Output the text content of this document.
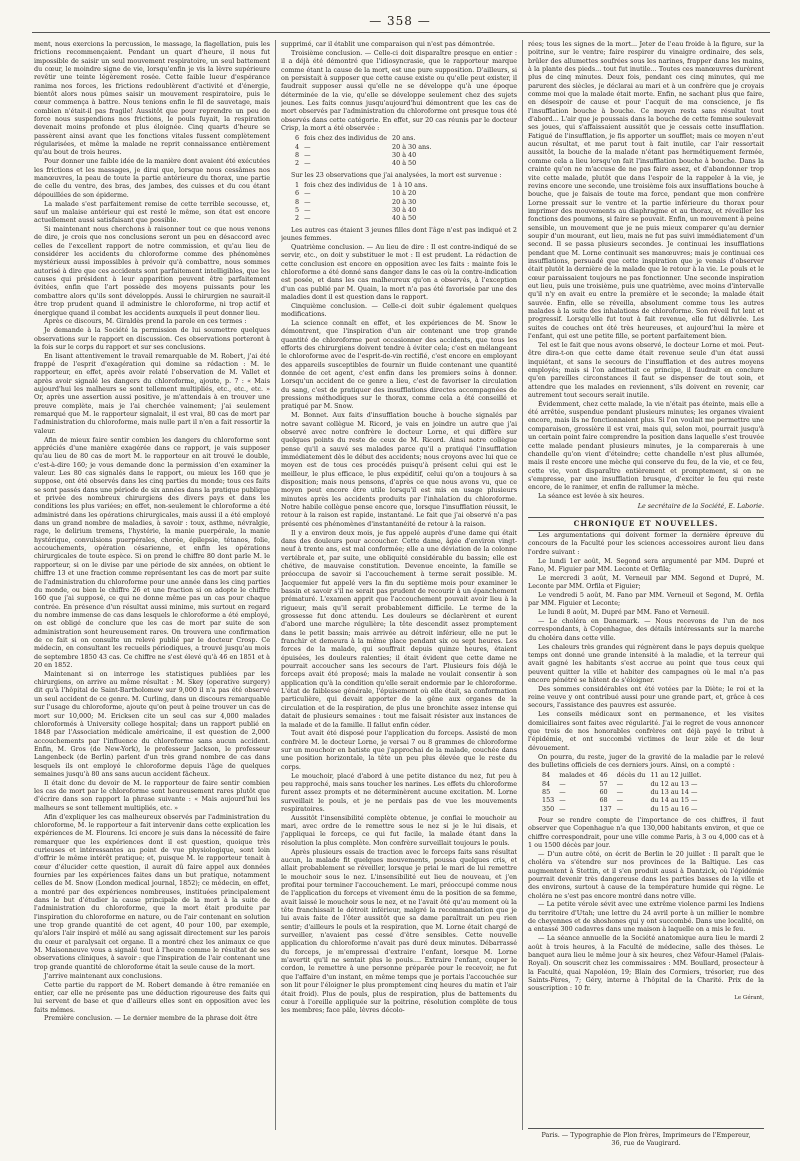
— 358 —

ment, nous exercions la percussion, le massage, la flagellation, puis les frictions recommençaient. Pendant un quart d'heure, il nous fut impossible de saisir un seul mouvement respiratoire, un seul battement du cœur, le moindre signe de vie, lorsqu'enfin je vis la lèvre supérieure revêtir une teinte légèrement rosée. Cette faible lueur d'espérance ranima nos forces, les frictions redoublèrent d'activité et d'énergie, bientôt alors nous pûmes saisir un mouvement respiratoire, puis le cœur commença à battre. Nous tenions enfin le fil de sauvetage, mais combien n'était-il pas fragile! Aussitôt que pour reprendre un peu de force nous suspendions nos frictions, le pouls fuyait, la respiration devenait moins profonde et plus éloignée. Cinq quarts d'heure se passèrent ainsi avant que les fonctions vitales fussent complètement régularisées, et même la malade ne reprit connaissance entièrement qu'au bout de trois heures.

Pour donner une faible idée de la manière dont avaient été exécutées les frictions et les massages, je dirai que, lorsque nous cessâmes nos manœuvres, la peau de toute la partie antérieure du thorax, une partie de celle du ventre, des bras, des jambes, des cuisses et du cou étant dépouillées de son épiderme.

La malade s'est parfaitement remise de cette terrible secousse, et, sauf un malaise antérieur qui est resté le même, son état est encore actuellement aussi satisfaisant que possible.

Si maintenant nous cherchons à raisonner tout ce que nous venons de dire, je crois que nos conclusions seront un peu en désaccord avec celles de l'excellent rapport de notre commission, et qu'au lieu de considérer les accidents du chloroforme comme des phénomènes mystérieux aussi impossibles à prévoir qu'à combattre, nous sommes autorisé à dire que ces accidents sont parfaitement intelligibles, que les causes qui président à leur apparition peuvent être parfaitement évitées, enfin que l'art possède des moyens puissants pour les combattre alors qu'ils sont développés. Aussi le chirurgien ne saurait-il être trop prudent quand il administre le chloroforme, ni trop actif et énergique quand il combat les accidents auxquels il peut donner lieu.

Après ce discours, M. Giraldès prend la parole en ces termes :

Je demande à la Société la permission de lui soumettre quelques observations sur le rapport en discussion. Ces observations porteront à la fois sur le corps du rapport et sur ses conclusions.

En lisant attentivement le travail remarquable de M. Robert, j'ai été frappé de l'esprit d'exagération qui domine sa rédaction : M. le rapporteur, en effet, après avoir relaté l'observation de M. Vallet et après avoir signalé les dangers du chloroforme, ajoute, p. 7 : « Mais aujourd'hui les malheurs se sont tellement multipliés, etc., etc., etc. » Or, après une assertion aussi positive, je m'attendais à en trouver une preuve complète, mais je l'ai cherchée vainement; j'ai seulement remarqué que M. le rapporteur signalait, il est vrai, 80 cas de mort par l'administration du chloroforme, mais nulle part il n'en a fait ressortir la valeur.

Afin de mieux faire sentir combien les dangers du chloroforme sont appréciés d'une manière exagérée dans ce rapport, je vais supposer qu'au lieu de 80 cas de mort M. le rapporteur en ait trouvé le double, c'est-à-dire 160; je vous demande donc la permission d'en examiner la valeur. Les 80 cas signalés dans le rapport, ou mieux les 160 que je suppose, ont été observés dans les cinq parties du monde; tous ces faits se sont passés dans une période de six années dans la pratique publique et privée des nombreux chirurgiens des divers pays et dans les conditions les plus variées; en effet, non-seulement le chloroforme a été administré dans les opérations chirurgicales, mais aussi il a été employé dans un grand nombre de maladies, à savoir : toux, asthme, névralgie, rage, le delirium tremens, l'hystérie, la manie puerpérale, la manie hystérique, convulsions puerpérales, chorée, épilepsie, tétanos, folie, accouchements, opération césarienne, et enfin les opérations chirurgicales de toute espèce. Si on prend le chiffre 80 dont parle M. le rapporteur, si on le divise par une période de six années, on obtient le chiffre 13 et une fraction comme représentant les cas de mort par suite de l'administration du chloroforme pour une année dans les cinq parties du monde, ou bien le chiffre 26 et une fraction si on adopte le chiffre 160 que j'ai supposé, ce qui ne donne même pas un cas pour chaque contrée. En présence d'un résultat aussi minime, mis surtout en regard du nombre immense de cas dans lesquels le chloroforme a été employé, on est obligé de conclure que les cas de mort par suite de son administration sont heureusement rares. On trouvera une confirmation de ce fait si on consulte un relevé publié par le docteur Crosp. Ce médecin, en consultant les recueils périodiques, a trouvé jusqu'au mois de septembre 1850 43 cas. Ce chiffre ne s'est élevé qu'à 46 en 1851 et à 20 en 1852.

Maintenant si on interroge les statistiques publiées par les chirurgiens, on arrive au même résultat : M. Skey (operative surgery) dit qu'à l'hôpital de Saint-Bartholomew sur 9,000 il n'a pas été observé un seul accident de ce genre. M. Curling, dans un discours remarquable sur l'usage du chloroforme, ajoute qu'on peut à peine trouver un cas de mort sur 10,000; M. Ericksen cite un seul cas sur 4,000 malades chloroformés à University college hospital; dans un rapport publié en 1848 par l'Association médicale américaine, il est question de 2,000 accouchements par l'influence du chloroforme sans aucun accident. Enfin, M. Gros (de New-York), le professeur Jackson, le professeur Langenbeck (de Berlin) parlent d'un très grand nombre de cas dans lesquels ils ont employé le chloroforme depuis l'âge de quelques semaines jusqu'à 80 ans sans aucun accident fâcheux.

Il était donc du devoir de M. le rapporteur de faire sentir combien les cas de mort par le chloroforme sont heureusement rares plutôt que d'écrire dans son rapport la phrase suivante : « Mais aujourd'hui les malheurs se sont tellement multipliés, etc. »

Afin d'expliquer les cas malheureux observés par l'administration du chloroforme, M. le rapporteur a fait intervenir dans cette explication les expériences de M. Flourens. Ici encore je suis dans la nécessité de faire remarquer que les expériences dont il est question, quoique très curieuses et intéressantes au point de vue physiologique, sont loin d'offrir le même intérêt pratique; et, puisque M. le rapporteur tenait à cœur d'élucider cette question, il aurait dû faire appel aux données fournies par les expériences faites dans un but pratique, notamment celles de M. Snow (London medical journal, 1852); ce médecin, en effet, a montré par des expériences nombreuses, instituées principalement dans le but d'étudier la cause principale de la mort à la suite de l'administration du chloroforme, que la mort était produite par l'inspiration du chloroforme en nature, ou de l'air contenant en solution une trop grande quantité de cet agent, 40 pour 100, par exemple, qu'alors l'air inspiré et mêlé au sang agissait directement sur les parois du cœur et paralysait cet organe. Il a montré chez les animaux ce que M. Maisonneuve vous a signalé tout à l'heure comme le résultat de ses observations cliniques, à savoir : que l'inspiration de l'air contenant une trop grande quantité de chloroforme était la seule cause de la mort.

J'arrive maintenant aux conclusions.

Cette partie du rapport de M. Robert demande à être remaniée en entier, car elle ne présente pas une déduction rigoureuse des faits qui lui servent de base et que d'ailleurs elles sont en opposition avec les faits mêmes.

Première conclusion. — Le dernier membre de la phrase doit être

supprimé, car il établit une comparaison qui n'est pas démontrée.

Troisième conclusion. — Celle-ci doit disparaître presque en entier : il a déjà été démontré que l'idiosyncrasie, que le rapporteur marque comme étant la cause de la mort, est une pure supposition. D'ailleurs, si on persistait à supposer que cette cause existe ou qu'elle peut exister, il faudrait supposer aussi qu'elle ne se développe qu'à une époque déterminée de la vie, qu'elle se développe seulement chez des sujets jeunes. Les faits connus jusqu'aujourd'hui démontrent que les cas de mort observés par l'administration du chloroforme ont presque tous été observés dans cette catégorie. En effet, sur 20 cas réunis par le docteur Crisp, la mort a été observée :

6	fois chez des individus de	20 ans.
4	—	20 à 30 ans.
8	—	30 à 40
2	—	40 à 50

Sur les 23 observations que j'ai analysées, la mort est survenue :

1	fois chez des individus de	1 à 10 ans.
6	—	10 à 20
8	—	20 à 30
5	—	30 à 40
2	—	40 à 50

Les autres cas étaient 3 jeunes filles dont l'âge n'est pas indiqué et 2 jeunes femmes.

Quatrième conclusion. — Au lieu de dire : Il est contre-indiqué de se servir, etc., on doit y substituer le mot : Il est prudent. La rédaction de cette conclusion est encore en opposition avec les faits : mainte fois le chloroforme a été donné sans danger dans le cas où la contre-indication est posée, et dans les cas malheureux qu'on a observés, à l'exception d'un cas publié par M. Quain, la mort n'a pas été favorisée par une des maladies dont il est question dans le rapport.

Cinquième conclusion. — Celle-ci doit subir également quelques modifications.

La science connaît en effet, et les expériences de M. Snow le démontrent, que l'inspiration d'un air contenant une trop grande quantité de chloroforme peut occasionner des accidents, que tous les efforts des chirurgiens doivent tendre à éviter cela; c'est en mélangeant le chloroforme avec de l'esprit-de-vin rectifié, c'est encore en employant des appareils susceptibles de fournir un fluide contenant une quantité donnée de cet agent, c'est enfin dans les premiers soins à donner. Lorsqu'un accident de ce genre a lieu, c'est de favoriser la circulation du sang, c'est de pratiquer des insufflations directes accompagnées de pressions méthodiques sur le thorax, comme cela a été conseillé et pratiqué par M. Snow.

M. Bonnet. Aux faits d'insufflation bouche à bouche signalés par notre savant collègue M. Ricord, je vais en joindre un autre que j'ai observé avec notre confrère le docteur Lorne, et qui diffère sur quelques points du reste de ceux de M. Ricord. Ainsi notre collègue pense qu'il a sauvé ses malades parce qu'il a pratiqué l'insufflation immédiatement dès le début des accidents; nous croyons avec lui que ce moyen est de tous ces procédés puisqu'à présent celui qui est le meilleur, le plus efficace, le plus expéditif, celui qu'on a toujours à sa disposition; mais nous pensons, d'après ce que nous avons vu, que ce moyen peut encore être utile lorsqu'il est mis en usage plusieurs minutes après les accidents produits par l'inhalation du chloroforme. Notre habile collègue pense encore que, lorsque l'insufflation réussit, le retour à la raison est rapide, instantané. Le fait que j'ai observé n'a pas présenté ces phénomènes d'instantanéité de retour à la raison.

Il y a environ deux mois, je fus appelé auprès d'une dame qui était dans des douleurs pour accoucher. Cette dame, âgée d'environ vingt-neuf à trente ans, est mal conformée; elle a une déviation de la colonne vertébrale et, par suite, une obliquité considérable du bassin; elle est chétive, de mauvaise constitution. Devenue enceinte, la famille se préoccupa de savoir si l'accouchement à terme serait possible. M. Jacquemier fut appelé vers la fin du septième mois pour examiner le bassin et savoir s'il ne serait pas prudent de recourir à un épanchement prématuré. L'examen apprit que l'accouchement pouvait avoir lieu à la rigueur, mais qu'il serait probablement difficile. Le terme de la grossesse fut donc attendu. Les douleurs se déclarèrent et eurent d'abord une marche régulière; la tête descendit assez promptement dans le petit bassin; mais arrivée au détroit inférieur, elle ne put le franchir et demeura à la même place pendant six ou sept heures. Les forces de la malade, qui souffrait depuis quinze heures, étaient épuisées, les douleurs ralenties; il était évident que cette dame ne pourrait accoucher sans les secours de l'art. Plusieurs fois déjà le forceps avait été proposé; mais la malade ne voulait consentir à son application qu'à la condition qu'elle serait endormie par le chloroforme. L'état de faiblesse générale, l'épuisement où elle était, sa conformation particulière, qui devait apporter de la gêne aux organes de la circulation et de la respiration, de plus une bronchite assez intense qui datait de plusieurs semaines : tout me faisait résister aux instances de la malade et de la famille. Il fallut enfin céder.

Tout avait été disposé pour l'application du forceps. Assisté de mon confrère M. le docteur Lorne, je versai 7 ou 8 grammes de chloroforme sur un mouchoir en batiste que j'approchai de la malade, couchée dans une position horizontale, la tête un peu plus élevée que le reste du corps.

Le mouchoir, placé d'abord à une petite distance du nez, fut peu à peu rapproché, mais sans toucher les narines. Les effets du chloroforme furent assez prompts et ne déterminèrent aucune excitation. M. Lorne surveillait le pouls, et je ne perdais pas de vue les mouvements respiratoires.

Aussitôt l'insensibilité complète obtenue, je confiai le mouchoir au mari, avec ordre de le remettre sous le nez si je le lui disais, et j'appliquai le forceps, ce qui fut facile, la malade étant dans la résolution la plus complète. Mon confrère surveillait toujours le pouls.

Après plusieurs essais de traction avec le forceps faits sans résultat aucun, la malade fit quelques mouvements, poussa quelques cris, et allait probablement se réveiller, lorsque je priai le mari de lui remettre le mouchoir sous le nez. L'insensibilité eut lieu de nouveau, et j'en profitai pour terminer l'accouchement. Le mari, préoccupé comme nous de l'application du forceps et vivement ému de la position de sa femme, avait laissé le mouchoir sous le nez, et ne l'avait ôté qu'au moment où la tête franchissait le détroit inférieur, malgré la recommandation que je lui avais faite de l'ôter aussitôt que sa dame paraîtrait un peu rien sentir; d'ailleurs le pouls et la respiration, que M. Lorne était chargé de surveiller, n'avaient pas cessé d'être sensibles. Cette nouvelle application du chloroforme n'avait pas duré deux minutes. Débarrassé du forceps, je m'empressai d'extraire l'enfant, lorsque M. Lorne m'avertit qu'il ne sentait plus le pouls.... Extraire l'enfant, couper le cordon, le remettre à une personne préparée pour le recevoir, ne fut que l'affaire d'un instant, en même temps que je portais l'accouchée sur son lit pour l'éloigner le plus promptement cinq heures du matin et l'air était froid). Plus de pouls, plus de respiration, plus de battements du cœur à l'oreille appliquée sur la poitrine, résolution complète de tous les membres; face pâle, lèvres décolo-

rées; tous les signes de la mort... Jeter de l'eau froide à la figure, sur la poitrine, sur le ventre; faire respirer du vinaigre ordinaire, des sels, brûler des allumettes soufrées sous les narines, frapper dans les mains, à la plante des pieds... tout fut inutile... Toutes ces manœuvres durèrent plus de cinq minutes. Deux fois, pendant ces cinq minutes, qui me parurent des siècles, je déclarai au mari et à un confrère que je croyais comme moi que la malade était morte. Enfin, ne sachant plus que faire, en désespoir de cause et pour l'acquit de ma conscience, je fis l'insufflation bouche à bouche. Ce moyen resta sans résultat tout d'abord... L'air que je poussais dans la bouche de cette femme soulevait ses joues, qui s'affaissaient aussitôt que je cessais cette insufflation. Fatigué de l'insufflation, je fis apporter un soufflet; mais ce moyen n'eut aucun résultat, et me parut tout à fait inutile, car l'air ressortait aussitôt, la bouche de la malade n'étant pas hermétiquement fermée, comme cela a lieu lorsqu'on fait l'insufflation bouche à bouche. Dans la crainte qu'on ne m'accuse de ne pas faire assez, et d'abandonner trop vite cette malade, plutôt que dans l'espoir de la rappeler à la vie, je revins encore une seconde, une troisième fois aux insufflations bouche à bouche, que je faisais de toute ma force, pendant que mon confrère Lorne pressait sur le ventre et la partie inférieure du thorax pour imprimer des mouvements au diaphragme et au thorax, et réveiller les fonctions des poumons, si faire se pouvait. Enfin, un mouvement à peine sensible, un mouvement que je ne puis mieux comparer qu'au dernier soupir d'un mourant, eut lieu, mais ne fut pas suivi immédiatement d'un second. Il se passa plusieurs secondes. Je continuai les insufflations pendant que M. Lorne continuait ses manœuvres; mais je continuai ces insufflations, persuadé que cette inspiration que je venais d'observer était plutôt la dernière de la malade que le retour à la vie. Le pouls et le cœur paraissaient toujours ne pas fonctionner. Une seconde inspiration eut lieu, puis une troisième, puis une quatrième, avec moins d'intervalle qu'il n'y en avait eu entre la première et le seconde; la malade était sauvée. Enfin, elle se réveilla, absolument comme tous les autres malades à la suite des inhalations de chloroforme. Son réveil fut lent et progressif. Lorsqu'elle fut tout à fait revenue, elle fut délivrée. Les suites de couches ont été très heureuses, et aujourd'hui la mère et l'enfant, qui est une petite fille, se portent parfaitement bien.

Tel est le fait que nous avons observé, le docteur Lorne et moi. Peut-être dira-t-on que cette dame était revenue seule d'un état aussi inquiétant, et sans le secours de l'insufflation et des autres moyens employés; mais si l'on admettait ce principe, il faudrait en conclure qu'en pareilles circonstances il faut se dispenser de tout soin, et attendre que les malades en reviennent, s'ils doivent en revenir, car autrement tout secours serait inutile.

Évidemment, chez cette malade, la vie n'était pas éteinte, mais elle a été arrêtée, suspendue pendant plusieurs minutes; les organes vivaient encore, mais ils ne fonctionnaient plus. Si l'on voulait me permettre une comparaison, grossière il est vrai, mais qui, selon moi, pourrait jusqu'à un certain point faire comprendre la position dans laquelle s'est trouvée cette malade pendant plusieurs minutes, je la comparerais à une chandelle qu'on vient d'éteindre; cette chandelle n'est plus allumée, mais il reste encore une mèche qui conserve du feu, de la vie, et ce feu, cette vie, vont disparaître entièrement et promptement, si on ne s'empresse, par une insufflation brusque, d'exciter le feu qui reste encore, de le ranimer, et enfin de rallumer la mèche.

La séance est levée à six heures.

Le secrétaire de la Société, E. Laborie.
CHRONIQUE ET NOUVELLES.

Les argumentations qui doivent former la dernière épreuve du concours de la Faculté pour les sciences accessoires auront lieu dans l'ordre suivant :

Le lundi 1er août, M. Segond sera argumenté par MM. Dupré et Fano, M. Figuier par MM. Leconte et Orfila;

Le mercredi 3 août, M. Verneuil par MM. Segond et Dupré, M. Leconte par MM. Orfila et Figuier;

Le vendredi 5 août, M. Fano par MM. Verneuil et Segond, M. Orfila par MM. Figuier et Leconte;

Le lundi 8 août, M. Dupré par MM. Fano et Verneuil.

— Le choléra en Danemark. — Nous recevons de l'un de nos correspondants, à Copenhague, des détails intéressants sur la marche du choléra dans cette ville.

Les chaleurs très grandes qui régnèrent dans le pays depuis quelque temps ont donné une grande intensité à la maladie, et la terreur qui avait gagné les habitants s'est accrue au point que tous ceux qui peuvent quitter la ville et habiter des campagnes où le mal n'a pas encore pénétré se hâtent de s'éloigner.

Des sommes considérables ont été votées par la Diète; le roi et la reine veuve y ont contribué aussi pour une grande part, et, grâce à ces secours, l'assistance des pauvres est assurée.

Les conseils médicaux sont en permanence, et les visites domiciliaires sont faites avec régularité. J'ai le regret de vous annoncer que trois de nos honorables confrères ont déjà payé le tribut à l'épidémie, et ont succombé victimes de leur zèle et de leur dévouement.

On pourra, du reste, juger de la gravité de la maladie par le relevé des bulletins officiels de ces derniers jours. Ainsi, on a compté :

84	malades et	46	décès du	11 au 12 juillet.
84	—	57	—	du 12 au 13 —
85	—	60	—	du 13 au 14 —
153	—	68	—	du 14 au 15 —
350	—	137	—	du 15 au 16 —

Pour se rendre compte de l'importance de ces chiffres, il faut observer que Copenhague n'a que 130,000 habitants environ, et que ce chiffre correspondrait, pour une ville comme Paris, à 3 ou 4,000 cas et à 1 ou 1500 décès par jour.

— D'un autre côté, on écrit de Berlin le 20 juillet : Il paraît que le choléra va s'étendre sur nos provinces de la Baltique. Les cas augmentent à Stettin, et il s'en produit aussi à Dantzick, où l'épidémie pourrait devenir très dangereuse dans les parties basses de la ville et des environs, surtout à cause de la température humide qui règne. Le choléra ne s'est pas encore montré dans notre ville.

— La petite vérole sévit avec une extrême violence parmi les Indiens du territoire d'Utah; une lettre du 24 avril porte à un millier le nombre de cheyennes et de shoshones qui y ont succombé. Dans une localité, on a entassé 300 cadavres dans une maison à laquelle on a mis le feu.

— La séance annuelle de la Société anatomique aura lieu le mardi 2 août à trois heures, à la Faculté de médecine, salle des thèses. Le banquet aura lieu le même jour à six heures, chez Véfour-Hamel (Palais-Royal). On souscrit chez les commissaires : MM. Boullard, prosecteur à la Faculté, quai Napoléon, 19; Blain des Cormiers, trésorier, rue des Saints-Pères, 7; Géry, interne à l'hôpital de la Charité. Prix de la souscription : 10 fr.

Le Gérant,
Paris. — Typographie de Plon frères, Imprimeurs de l'Empereur,
36, rue de Vaugirard.
